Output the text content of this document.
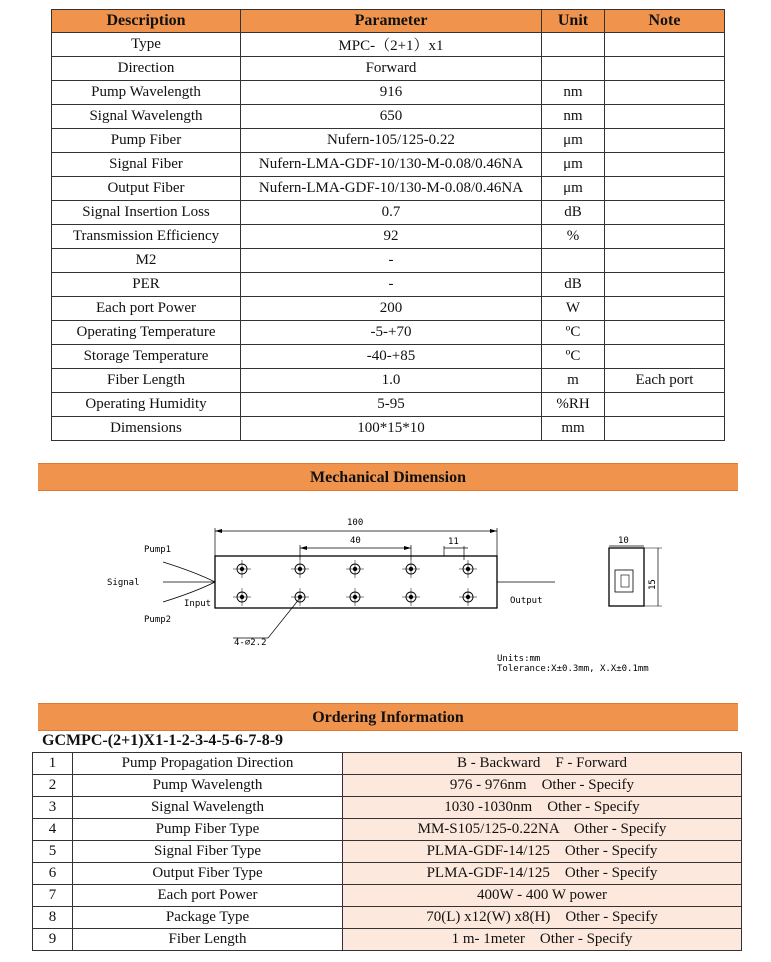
Description	Parameter	Unit	Note
Type	MPC-（2+1）x1		
Direction	Forward		
Pump Wavelength	916	nm	
Signal Wavelength	650	nm	
Pump Fiber	Nufern-105/125-0.22	μm	
Signal Fiber	Nufern-LMA-GDF-10/130-M-0.08/0.46NA	μm	
Output Fiber	Nufern-LMA-GDF-10/130-M-0.08/0.46NA	μm	
Signal Insertion Loss	0.7	dB	
Transmission Efficiency	92	%	
M2	-		
PER	-	dB	
Each port Power	200	W	
Operating Temperature	-5-+70	ºC	
Storage Temperature	-40-+85	ºC	
Fiber Length	1.0	m	Each port
Operating Humidity	5-95	%RH	
Dimensions	100*15*10	mm	
Mechanical Dimension
Pump1
Signal
Pump2
Input	Output
4-⌀2.2
100
40	11	10
15
Units:mm
Tolerance:X±0.3mm, X.X±0.1mm
Ordering Information
GCMPC-(2+1)X1-1-2-3-4-5-6-7-8-9
1	Pump Propagation Direction	B - Backward    F - Forward
2	Pump Wavelength	976 - 976nm    Other - Specify
3	Signal Wavelength	1030 -1030nm    Other - Specify
4	Pump Fiber Type	MM-S105/125-0.22NA    Other - Specify
5	Signal Fiber Type	PLMA-GDF-14/125    Other - Specify
6	Output Fiber Type	PLMA-GDF-14/125    Other - Specify
7	Each port Power	400W - 400 W power
8	Package Type	70(L) x12(W) x8(H)    Other - Specify
9	Fiber Length	1 m- 1meter    Other - Specify
